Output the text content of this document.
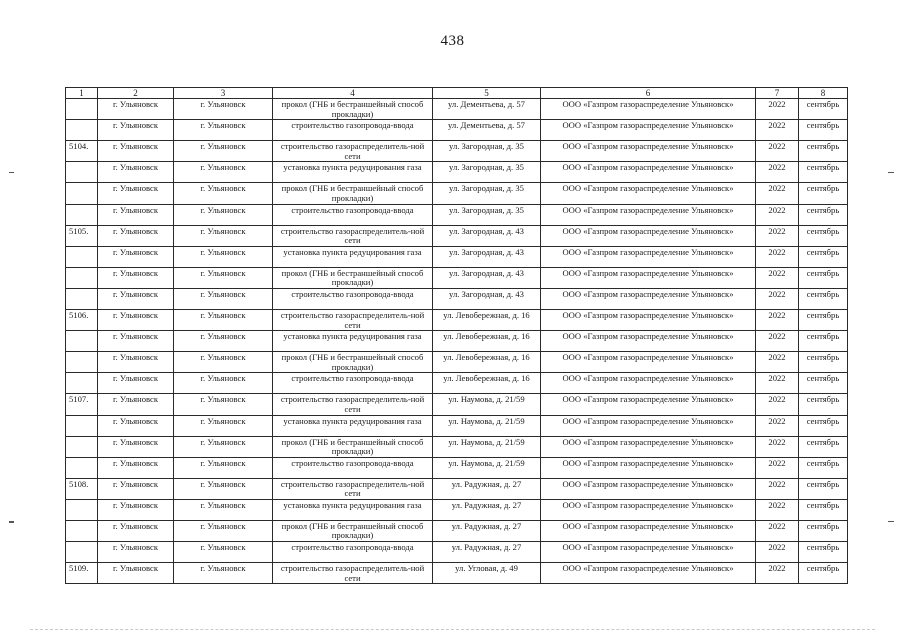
438
1	2	3	4	5	6	7	8
	г. Ульяновск	г. Ульяновск	прокол (ГНБ и бестраншейный способ прокладки)	ул. Дементьева, д. 57	ООО «Газпром газораспределение Ульяновск»	2022	сентябрь
	г. Ульяновск	г. Ульяновск	строительство газопровода-ввода	ул. Дементьева, д. 57	ООО «Газпром газораспределение Ульяновск»	2022	сентябрь
5104.	г. Ульяновск	г. Ульяновск	строительство газораспределитель-ной сети	ул. Загородная, д. 35	ООО «Газпром газораспределение Ульяновск»	2022	сентябрь
	г. Ульяновск	г. Ульяновск	установка пункта редуцирования газа	ул. Загородная, д. 35	ООО «Газпром газораспределение Ульяновск»	2022	сентябрь
	г. Ульяновск	г. Ульяновск	прокол (ГНБ и бестраншейный способ прокладки)	ул. Загородная, д. 35	ООО «Газпром газораспределение Ульяновск»	2022	сентябрь
	г. Ульяновск	г. Ульяновск	строительство газопровода-ввода	ул. Загородная, д. 35	ООО «Газпром газораспределение Ульяновск»	2022	сентябрь
5105.	г. Ульяновск	г. Ульяновск	строительство газораспределитель-ной сети	ул. Загородная, д. 43	ООО «Газпром газораспределение Ульяновск»	2022	сентябрь
	г. Ульяновск	г. Ульяновск	установка пункта редуцирования газа	ул. Загородная, д. 43	ООО «Газпром газораспределение Ульяновск»	2022	сентябрь
	г. Ульяновск	г. Ульяновск	прокол (ГНБ и бестраншейный способ прокладки)	ул. Загородная, д. 43	ООО «Газпром газораспределение Ульяновск»	2022	сентябрь
	г. Ульяновск	г. Ульяновск	строительство газопровода-ввода	ул. Загородная, д. 43	ООО «Газпром газораспределение Ульяновск»	2022	сентябрь
5106.	г. Ульяновск	г. Ульяновск	строительство газораспределитель-ной сети	ул. Левобережная, д. 16	ООО «Газпром газораспределение Ульяновск»	2022	сентябрь
	г. Ульяновск	г. Ульяновск	установка пункта редуцирования газа	ул. Левобережная, д. 16	ООО «Газпром газораспределение Ульяновск»	2022	сентябрь
	г. Ульяновск	г. Ульяновск	прокол (ГНБ и бестраншейный способ прокладки)	ул. Левобережная, д. 16	ООО «Газпром газораспределение Ульяновск»	2022	сентябрь
	г. Ульяновск	г. Ульяновск	строительство газопровода-ввода	ул. Левобережная, д. 16	ООО «Газпром газораспределение Ульяновск»	2022	сентябрь
5107.	г. Ульяновск	г. Ульяновск	строительство газораспределитель-ной сети	ул. Наумова, д. 21/59	ООО «Газпром газораспределение Ульяновск»	2022	сентябрь
	г. Ульяновск	г. Ульяновск	установка пункта редуцирования газа	ул. Наумова, д. 21/59	ООО «Газпром газораспределение Ульяновск»	2022	сентябрь
	г. Ульяновск	г. Ульяновск	прокол (ГНБ и бестраншейный способ прокладки)	ул. Наумова, д. 21/59	ООО «Газпром газораспределение Ульяновск»	2022	сентябрь
	г. Ульяновск	г. Ульяновск	строительство газопровода-ввода	ул. Наумова, д. 21/59	ООО «Газпром газораспределение Ульяновск»	2022	сентябрь
5108.	г. Ульяновск	г. Ульяновск	строительство газораспределитель-ной сети	ул. Радужная, д. 27	ООО «Газпром газораспределение Ульяновск»	2022	сентябрь
	г. Ульяновск	г. Ульяновск	установка пункта редуцирования газа	ул. Радужная, д. 27	ООО «Газпром газораспределение Ульяновск»	2022	сентябрь
	г. Ульяновск	г. Ульяновск	прокол (ГНБ и бестраншейный способ прокладки)	ул. Радужная, д. 27	ООО «Газпром газораспределение Ульяновск»	2022	сентябрь
	г. Ульяновск	г. Ульяновск	строительство газопровода-ввода	ул. Радужная, д. 27	ООО «Газпром газораспределение Ульяновск»	2022	сентябрь
5109.	г. Ульяновск	г. Ульяновск	строительство газораспределитель-ной сети	ул. Угловая, д. 49	ООО «Газпром газораспределение Ульяновск»	2022	сентябрь
